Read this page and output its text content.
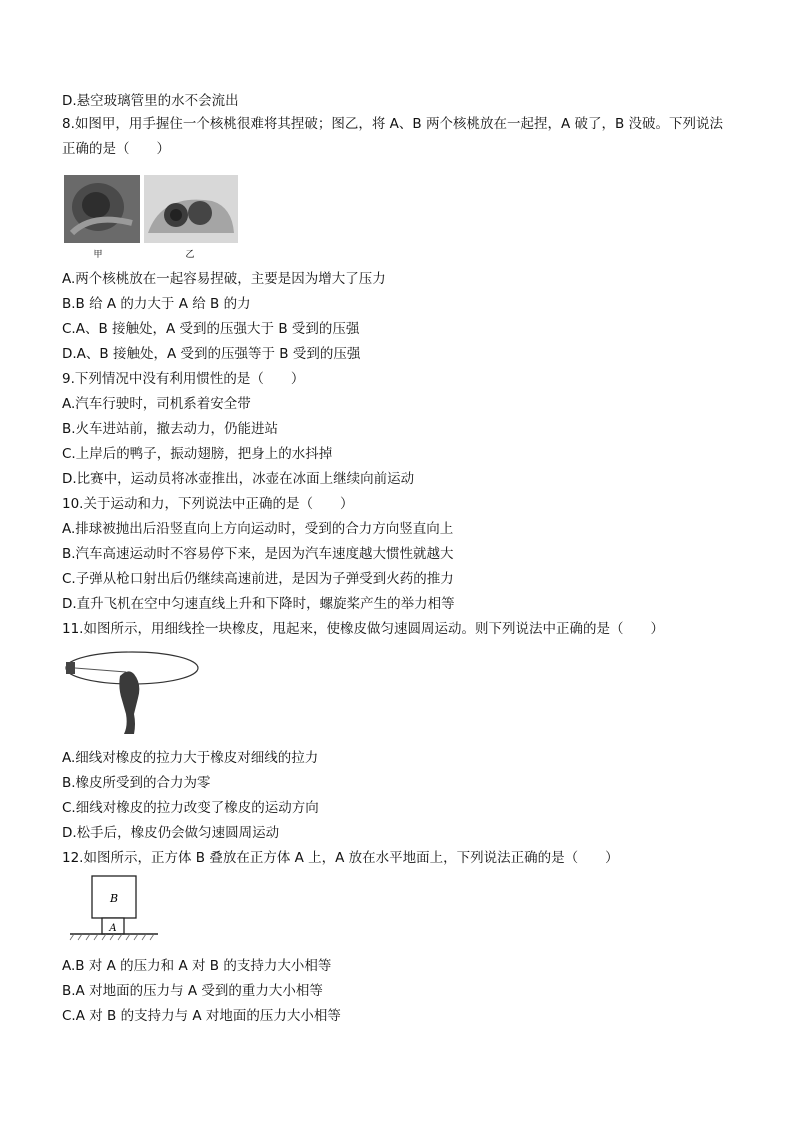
D.悬空玻璃管里的水不会流出
8.如图甲，用手握住一个核桃很难将其捏破；图乙，将 A、B 两个核桃放在一起捏，A 破了，B 没破。下列说法正确的是（　　）
甲	乙
A.两个核桃放在一起容易捏破，主要是因为增大了压力
B.B 给 A 的力大于 A 给 B 的力
C.A、B 接触处，A 受到的压强大于 B 受到的压强
D.A、B 接触处，A 受到的压强等于 B 受到的压强
9.下列情况中没有利用惯性的是（　　）
A.汽车行驶时，司机系着安全带
B.火车进站前，撤去动力，仍能进站
C.上岸后的鸭子，振动翅膀，把身上的水抖掉
D.比赛中，运动员将冰壶推出，冰壶在冰面上继续向前运动
10.关于运动和力，下列说法中正确的是（　　）
A.排球被抛出后沿竖直向上方向运动时，受到的合力方向竖直向上
B.汽车高速运动时不容易停下来，是因为汽车速度越大惯性就越大
C.子弹从枪口射出后仍继续高速前进，是因为子弹受到火药的推力
D.直升飞机在空中匀速直线上升和下降时，螺旋桨产生的举力相等
11.如图所示，用细线拴一块橡皮，甩起来，使橡皮做匀速圆周运动。则下列说法中正确的是（　　）
A.细线对橡皮的拉力大于橡皮对细线的拉力
B.橡皮所受到的合力为零
C.细线对橡皮的拉力改变了橡皮的运动方向
D.松手后，橡皮仍会做匀速圆周运动
12.如图所示，正方体 B 叠放在正方体 A 上，A 放在水平地面上，下列说法正确的是（　　）
B
A
A.B 对 A 的压力和 A 对 B 的支持力大小相等
B.A 对地面的压力与 A 受到的重力大小相等
C.A 对 B 的支持力与 A 对地面的压力大小相等
